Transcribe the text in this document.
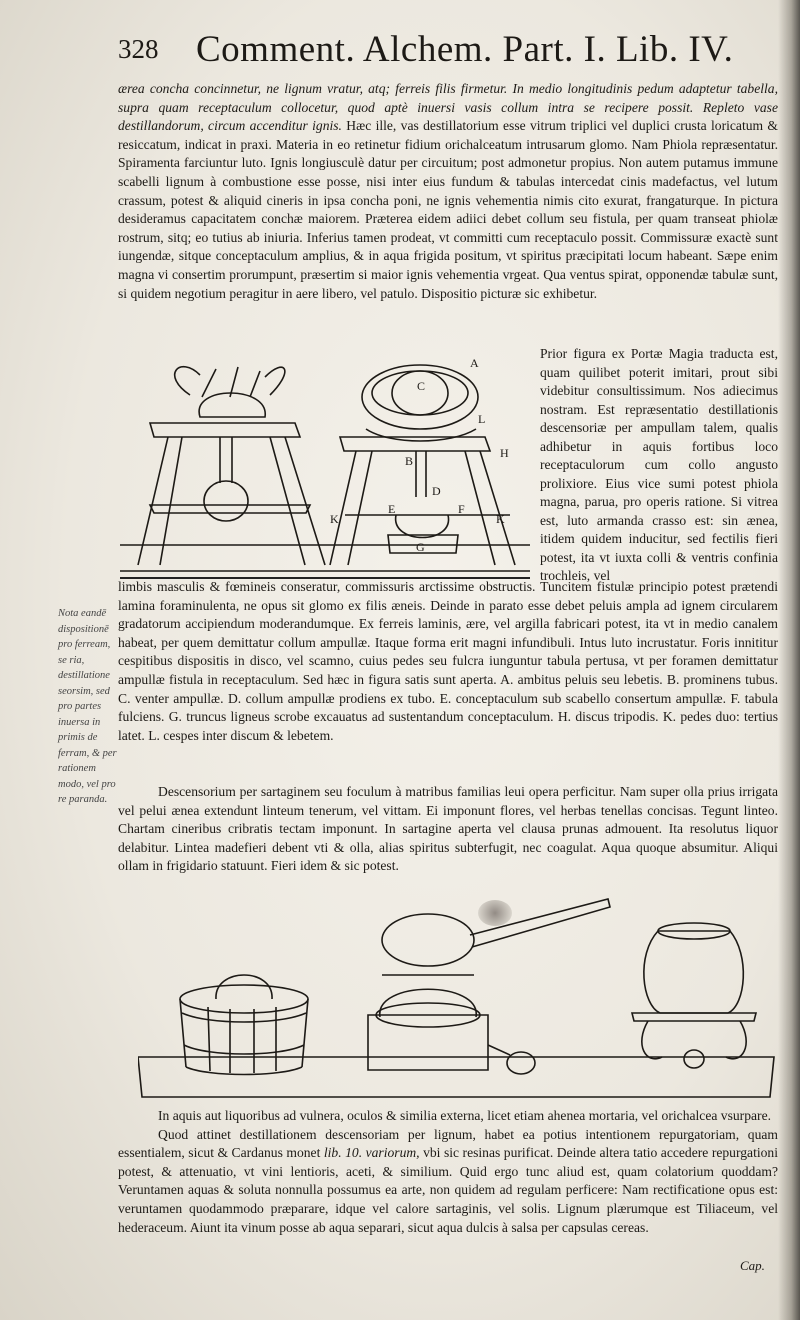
328 Comment. Alchem. Part. I. Lib. IV.

ærea concha concinnetur, ne lignum vratur, atq; ferreis filis firmetur. In medio longitudinis pedum adaptetur tabella, supra quam receptaculum collocetur, quod aptè inuersi vasis collum intra se recipere possit. Repleto vase destillandorum, circum accenditur ignis. Hæc ille, vas destillatorium esse vitrum triplici vel duplici crusta loricatum & resiccatum, indicat in praxi. Materia in eo retinetur fidium orichalceatum intrusarum glomo. Nam Phiola repræsentatur. Spiramenta farciuntur luto. Ignis longiusculè datur per circuitum; post admonetur propius. Non autem putamus immune scabelli lignum à combustione esse posse, nisi inter eius fundum & tabulas intercedat cinis madefactus, vel lutum crassum, potest & aliquid cineris in ipsa concha poni, ne ignis vehementia nimis cito exurat, frangaturque. In pictura desideramus capacitatem conchæ maiorem. Præterea eidem adiici debet collum seu fistula, per quam transeat phiolæ rostrum, sitq; eo tutius ab iniuria. Inferius tamen prodeat, vt committi cum receptaculo possit. Commissuræ exactè sunt iungendæ, sitque conceptaculum amplius, & in aqua frigida positum, vt spiritus præcipitati locum habeant. Sæpe enim magna vi consertim prorumpunt, præsertim si maior ignis vehementia vrgeat. Qua ventus spirat, opponendæ tabulæ sunt, si quidem negotium peragitur in aere libero, vel patulo. Dispositio picturæ sic exhibetur.

A
C
L
H
B
D
E	F
G
K	K
Prior figura ex Portæ Magia traducta est, quam quilibet poterit imitari, prout sibi videbitur consultissimum. Nos adiecimus nostram. Est repræsentatio destillationis descensoriæ per ampullam talem, qualis adhibetur in aquis fortibus loco receptaculorum cum collo angusto prolixiore. Eius vice sumi potest phiola magna, parua, pro operis ratione. Si vitrea est, luto armanda crasso est: sin ænea, itidem quidem inducitur, sed fectilis fieri potest, ita vt iuxta colli & ventris confinia trochleis, vel

limbis masculis & fœmineis conseratur, commissuris arctissime obstructis. Tuncitem fistulæ principio potest prætendi lamina foraminulenta, ne opus sit glomo ex filis æneis. Deinde in parato esse debet peluis ampla ad ignem circularem gradatorum accipiendum moderandumque. Ex ferreis laminis, ære, vel argilla fabricari potest, ita vt in medio canalem habeat, per quem demittatur collum ampullæ. Itaque forma erit magni infundibuli. Intus luto incrustatur. Foris innititur cespitibus dispositis in disco, vel scamno, cuius pedes seu fulcra iunguntur tabula pertusa, vt per foramen demittatur ampullæ fistula in receptaculum. Sed hæc in figura satis sunt aperta. A. ambitus peluis seu lebetis. B. prominens tubus. C. venter ampullæ. D. collum ampullæ prodiens ex tubo. E. conceptaculum sub scabello consertum ampullæ. F. tabula fulciens. G. truncus ligneus scrobe excauatus ad sustentandum conceptaculum. H. discus tripodis. K. pedes duo: tertius latet. L. cespes inter discum & lebetem.

Nota eandē dispositionē pro ferream, se ria, destillatione seorsim, sed pro partes inuersa in primis de ferram, & per rationem modo, vel pro re paranda.

Descensorium per sartaginem seu foculum à matribus familias leui opera perficitur. Nam super olla prius irrigata vel pelui ænea extendunt linteum tenerum, vel vittam. Ei imponunt flores, vel herbas tenellas concisas. Tegunt linteo. Chartam cineribus cribratis tectam imponunt. In sartagine aperta vel clausa prunas admouent. Ita resolutus liquor delabitur. Lintea madefieri debent vti & olla, alias spiritus subterfugit, nec coagulat. Aqua quoque absumitur. Aliqui ollam in frigidario statuunt. Fieri idem & sic potest.

In aquis aut liquoribus ad vulnera, oculos & similia externa, licet etiam ahenea mortaria, vel orichalcea vsurpare.

Quod attinet destillationem descensoriam per lignum, habet ea potius intentionem repurgatoriam, quam essentialem, sicut & Cardanus monet lib. 10. variorum, vbi sic resinas purificat. Deinde altera tatio accedere repurgationi potest, & attenuatio, vt vini lentioris, aceti, & similium. Quid ergo tunc aliud est, quam colatorium quoddam? Veruntamen aquas & soluta nonnulla possumus ea arte, non quidem ad regulam perficere: Nam rectificatione opus est: veruntamen quodammodo præparare, idque vel calore sartaginis, vel solis. Lignum plærumque est Tiliaceum, vel hederaceum. Aiunt ita vinum posse ab aqua separari, sicut aqua dulcis à salsa per capsulas cereas.

Cap.
